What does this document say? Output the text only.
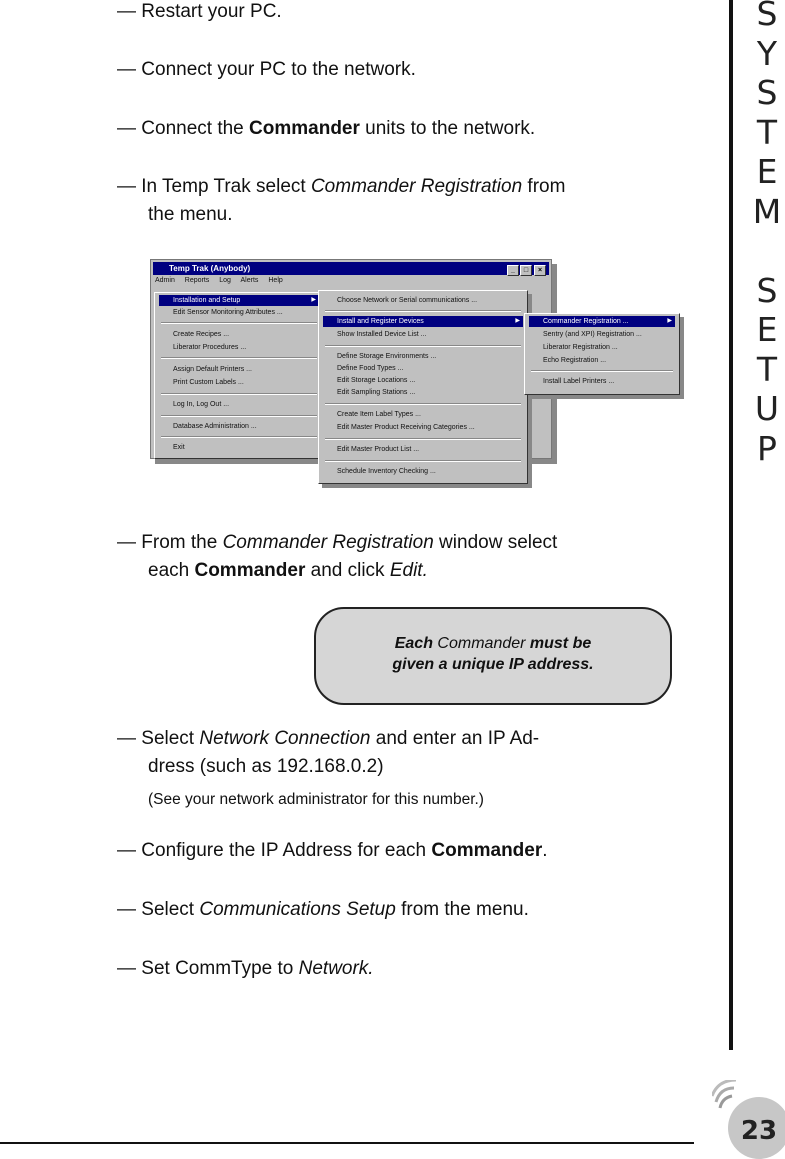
— Restart your PC.
— Connect your PC to the network.
— Connect the Commander units to the network.
— In Temp Trak select Commander Registration from
the menu.
Temp Trak (Anybody)	_	□	×
Admin Reports Log Alerts Help
Installation and Setup ▶
Edit Sensor Monitoring Attributes ...
Create Recipes ...
Liberator Procedures ...
Assign Default Printers ...
Print Custom Labels ...
Log In, Log Out ...
Database Administration ...
Exit
Choose Network or Serial communications ...
Install and Register Devices ▶
Show Installed Device List ...
Define Storage Environments ...
Define Food Types ...
Edit Storage Locations ...
Edit Sampling Stations ...
Create Item Label Types ...
Edit Master Product Receiving Categories ...
Edit Master Product List ...
Schedule Inventory Checking ...
Commander Registration ... ▶
Sentry (and XPI) Registration ...
Liberator Registration ...
Echo Registration ...
Install Label Printers ...
— From the Commander Registration window select
each Commander and click Edit.
Each Commander must be
given a unique IP address.
— Select Network Connection and enter an IP Ad-
dress (such as 192.168.0.2)
(See your network administrator for this number.)
— Configure the IP Address for each Commander.
— Select Communications Setup from the menu.
— Set CommType to Network.
S
Y
S
T
E
M
S
E
T
U
P
23
